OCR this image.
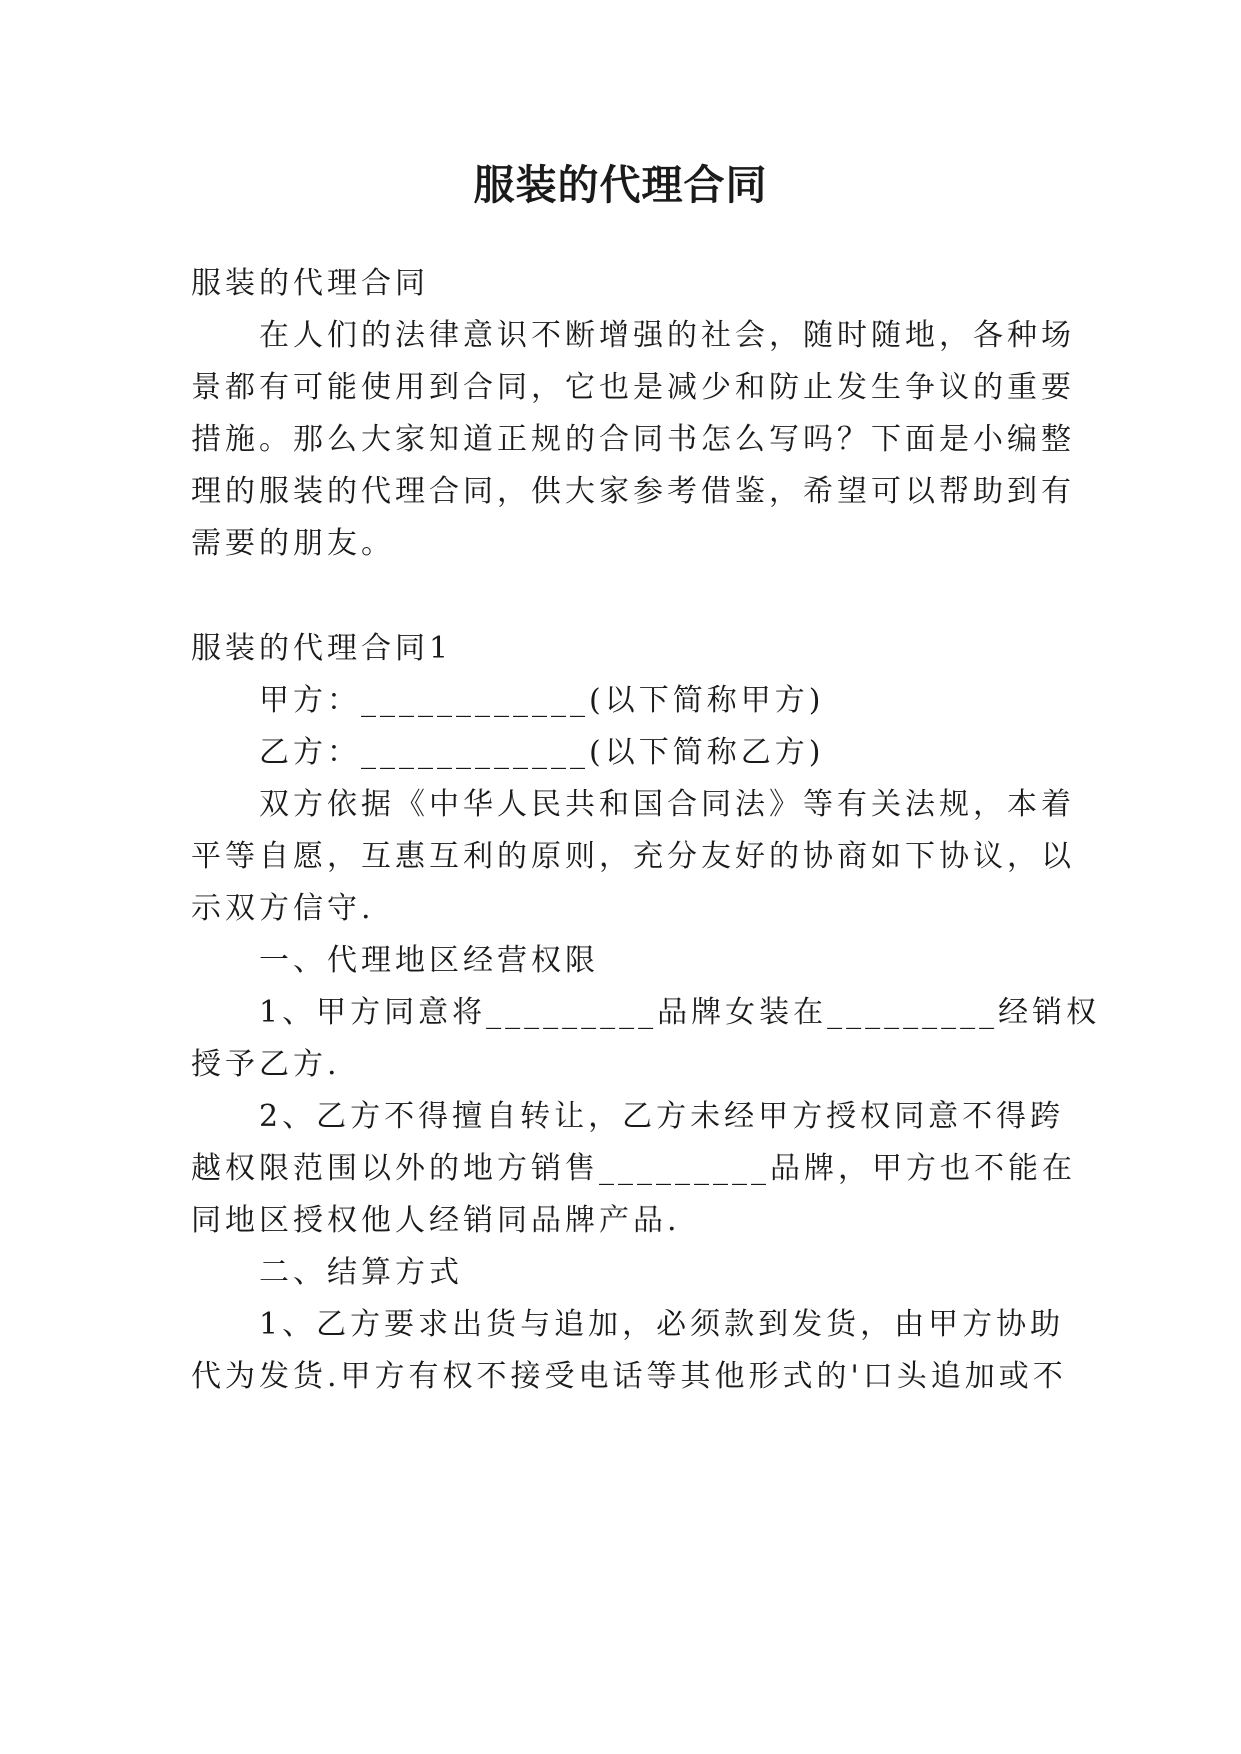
服装的代理合同
服装的代理合同
在人们的法律意识不断增强的社会，随时随地，各种场
景都有可能使用到合同，它也是减少和防止发生争议的重要
措施。那么大家知道正规的合同书怎么写吗？下面是小编整
理的服装的代理合同，供大家参考借鉴，希望可以帮助到有
需要的朋友。
服装的代理合同1
甲方：____________(以下简称甲方)
乙方：____________(以下简称乙方)
双方依据《中华人民共和国合同法》等有关法规，本着
平等自愿，互惠互利的原则，充分友好的协商如下协议，以
示双方信守.
一、代理地区经营权限
1、甲方同意将_________品牌女装在_________经销权
授予乙方.
2、乙方不得擅自转让，乙方未经甲方授权同意不得跨
越权限范围以外的地方销售_________品牌，甲方也不能在
同地区授权他人经销同品牌产品.
二、结算方式
1、乙方要求出货与追加，必须款到发货，由甲方协助
代为发货.甲方有权不接受电话等其他形式的'口头追加或不
